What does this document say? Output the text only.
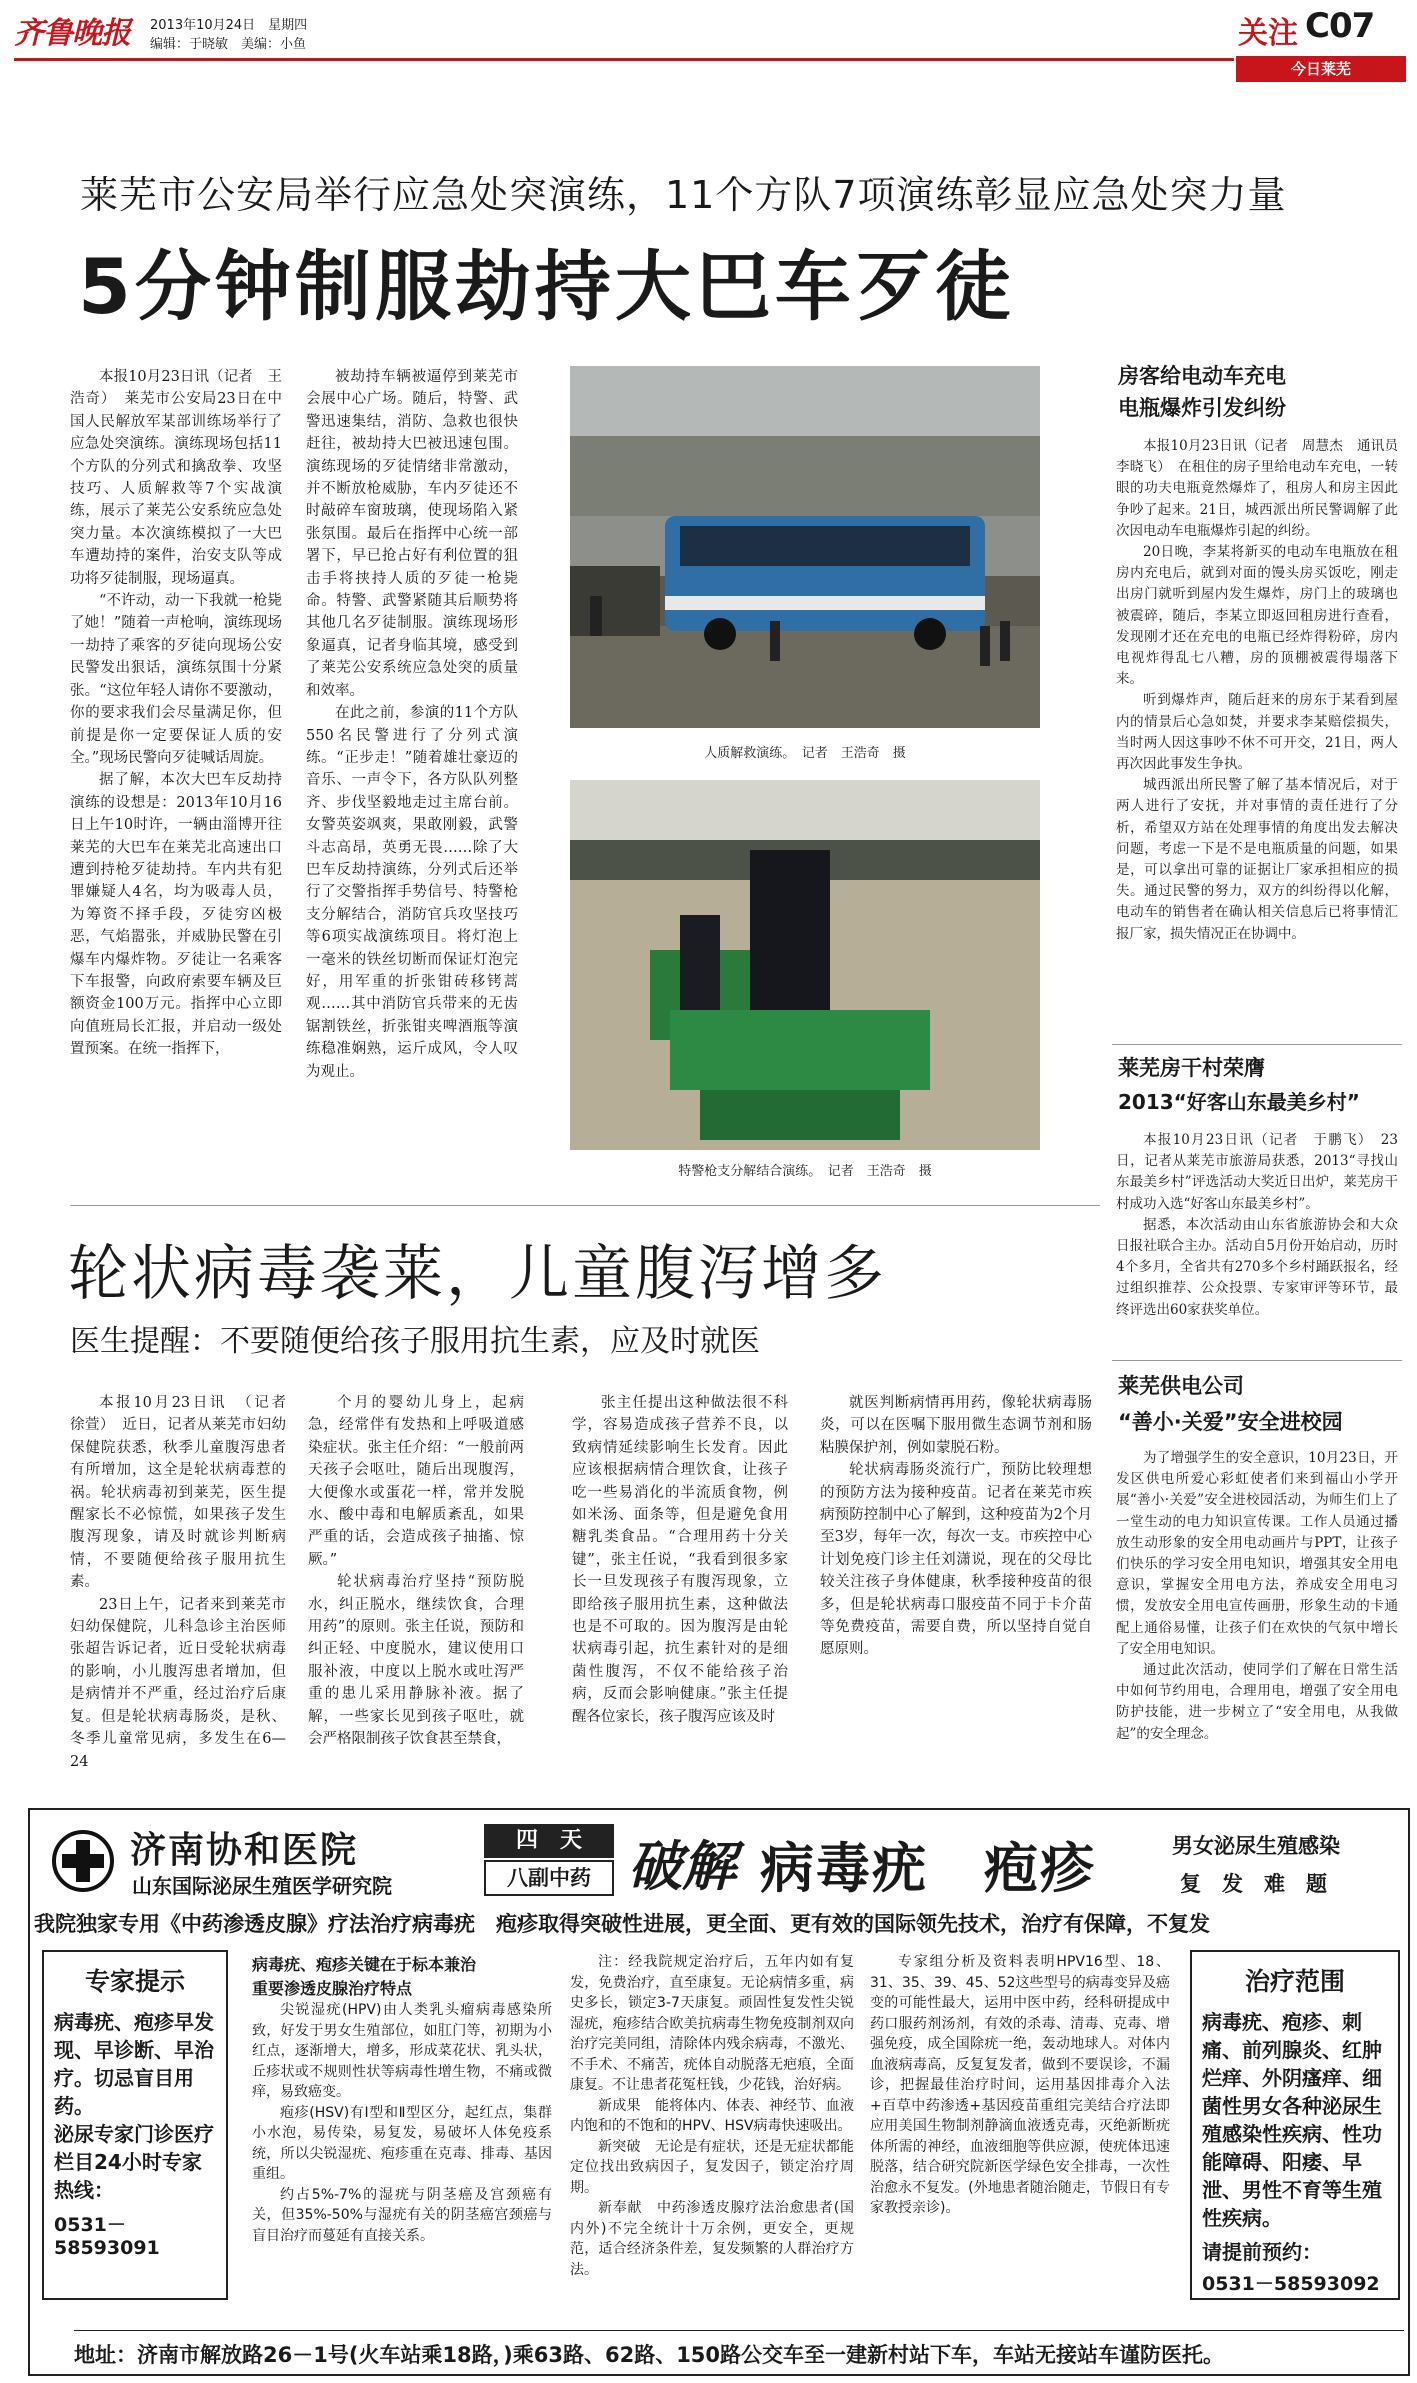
齐鲁晚报	2013年10月24日　星期四
编辑：于晓敏　美编：小鱼	关注 C07
今日莱芜
莱芜市公安局举行应急处突演练，11个方队7项演练彰显应急处突力量
5分钟制服劫持大巴车歹徒

本报10月23日讯（记者　王浩奇）　莱芜市公安局23日在中国人民解放军某部训练场举行了应急处突演练。演练现场包括11个方队的分列式和擒敌拳、攻坚技巧、人质解救等7个实战演练，展示了莱芜公安系统应急处突力量。本次演练模拟了一大巴车遭劫持的案件，治安支队等成功将歹徒制服，现场逼真。

“不许动，动一下我就一枪毙了她！”随着一声枪响，演练现场一劫持了乘客的歹徒向现场公安民警发出狠话，演练氛围十分紧张。“这位年轻人请你不要激动，你的要求我们会尽量满足你，但前提是你一定要保证人质的安全。”现场民警向歹徒喊话周旋。

据了解，本次大巴车反劫持演练的设想是：2013年10月16日上午10时许，一辆由淄博开往莱芜的大巴车在莱芜北高速出口遭到持枪歹徒劫持。车内共有犯罪嫌疑人4名，均为吸毒人员，为筹资不择手段，歹徒穷凶极恶，气焰嚣张，并威胁民警在引爆车内爆炸物。歹徒让一名乘客下车报警，向政府索要车辆及巨额资金100万元。指挥中心立即向值班局长汇报，并启动一级处置预案。在统一指挥下，

被劫持车辆被逼停到莱芜市会展中心广场。随后，特警、武警迅速集结，消防、急救也很快赶往，被劫持大巴被迅速包围。演练现场的歹徒情绪非常激动，并不断放枪威胁，车内歹徒还不时敲碎车窗玻璃，使现场陷入紧张氛围。最后在指挥中心统一部署下，早已抢占好有利位置的狙击手将挟持人质的歹徒一枪毙命。特警、武警紧随其后顺势将其他几名歹徒制服。演练现场形象逼真，记者身临其境，感受到了莱芜公安系统应急处突的质量和效率。

在此之前，参演的11个方队550名民警进行了分列式演练。“正步走！”随着雄壮豪迈的音乐、一声令下，各方队队列整齐、步伐坚毅地走过主席台前。女警英姿飒爽，果敢刚毅，武警斗志高昂，英勇无畏……除了大巴车反劫持演练，分列式后还举行了交警指挥手势信号、特警枪支分解结合，消防官兵攻坚技巧等6项实战演练项目。将灯泡上一毫米的铁丝切断而保证灯泡完好，用军重的折张钳砖移铐蒿观……其中消防官兵带来的无齿锯割铁丝，折张钳夹啤酒瓶等演练稳准娴熟，运斤成风，令人叹为观止。

人质解救演练。　记者　王浩奇　摄
特警枪支分解结合演练。　记者　王浩奇　摄
房客给电动车充电
电瓶爆炸引发纠纷

本报10月23日讯（记者　周慧杰　通讯员　李晓飞）　在租住的房子里给电动车充电，一转眼的功夫电瓶竟然爆炸了，租房人和房主因此争吵了起来。21日，城西派出所民警调解了此次因电动车电瓶爆炸引起的纠纷。

20日晚，李某将新买的电动车电瓶放在租房内充电后，就到对面的馒头房买饭吃，刚走出房门就听到屋内发生爆炸，房门上的玻璃也被震碎，随后，李某立即返回租房进行查看，发现刚才还在充电的电瓶已经炸得粉碎，房内电视炸得乱七八糟，房的顶棚被震得塌落下来。

听到爆炸声，随后赶来的房东于某看到屋内的情景后心急如焚，并要求李某赔偿损失，当时两人因这事吵不休不可开交，21日，两人再次因此事发生争执。

城西派出所民警了解了基本情况后，对于两人进行了安抚，并对事情的责任进行了分析，希望双方站在处理事情的角度出发去解决问题，考虑一下是不是电瓶质量的问题，如果是，可以拿出可靠的证据让厂家承担相应的损失。通过民警的努力，双方的纠纷得以化解，电动车的销售者在确认相关信息后已将事情汇报厂家，损失情况正在协调中。

莱芜房干村荣膺
2013“好客山东最美乡村”

本报10月23日讯（记者　于鹏飞）　23日，记者从莱芜市旅游局获悉，2013“寻找山东最美乡村”评选活动大奖近日出炉，莱芜房干村成功入选“好客山东最美乡村”。

据悉，本次活动由山东省旅游协会和大众日报社联合主办。活动自5月份开始启动，历时4个多月，全省共有270多个乡村踊跃报名，经过组织推荐、公众投票、专家审评等环节，最终评选出60家获奖单位。

轮状病毒袭莱，儿童腹泻增多
医生提醒：不要随便给孩子服用抗生素，应及时就医

本报10月23日讯　（记者　徐萱）　近日，记者从莱芜市妇幼保健院获悉，秋季儿童腹泻患者有所增加，这全是轮状病毒惹的祸。轮状病毒初到莱芜，医生提醒家长不必惊慌，如果孩子发生腹泻现象，请及时就诊判断病情，不要随便给孩子服用抗生素。

23日上午，记者来到莱芜市妇幼保健院，儿科急诊主治医师张超告诉记者，近日受轮状病毒的影响，小儿腹泻患者增加，但是病情并不严重，经过治疗后康复。但是轮状病毒肠炎，是秋、冬季儿童常见病，多发生在6—24

个月的婴幼儿身上，起病急，经常伴有发热和上呼吸道感染症状。张主任介绍：“一般前两天孩子会呕吐，随后出现腹泻，大便像水或蛋花一样，常并发脱水、酸中毒和电解质紊乱，如果严重的话，会造成孩子抽搐、惊厥。”

轮状病毒治疗坚持“预防脱水，纠正脱水，继续饮食，合理用药”的原则。张主任说，预防和纠正轻、中度脱水，建议使用口服补液，中度以上脱水或吐泻严重的患儿采用静脉补液。据了解，一些家长见到孩子呕吐，就会严格限制孩子饮食甚至禁食，

张主任提出这种做法很不科学，容易造成孩子营养不良，以致病情延续影响生长发育。因此应该根据病情合理饮食，让孩子吃一些易消化的半流质食物，例如米汤、面条等，但是避免食用糖乳类食品。“合理用药十分关键”，张主任说，“我看到很多家长一旦发现孩子有腹泻现象，立即给孩子服用抗生素，这种做法也是不可取的。因为腹泻是由轮状病毒引起，抗生素针对的是细菌性腹泻，不仅不能给孩子治病，反而会影响健康。”张主任提醒各位家长，孩子腹泻应该及时

就医判断病情再用药，像轮状病毒肠炎，可以在医嘱下服用微生态调节剂和肠粘膜保护剂，例如蒙脱石粉。

轮状病毒肠炎流行广，预防比较理想的预防方法为接种疫苗。记者在莱芜市疾病预防控制中心了解到，这种疫苗为2个月至3岁，每年一次，每次一支。市疾控中心计划免疫门诊主任刘潇说，现在的父母比较关注孩子身体健康，秋季接种疫苗的很多，但是轮状病毒口服疫苗不同于卡介苗等免费疫苗，需要自费，所以坚持自觉自愿原则。

莱芜供电公司
“善小·关爱”安全进校园

为了增强学生的安全意识，10月23日，开发区供电所爱心彩虹使者们来到福山小学开展“善小·关爱”安全进校园活动，为师生们上了一堂生动的电力知识宣传课。工作人员通过播放生动形象的安全用电动画片与PPT，让孩子们快乐的学习安全用电知识，增强其安全用电意识，掌握安全用电方法，养成安全用电习惯，发放安全用电宣传画册，形象生动的卡通配上通俗易懂，让孩子们在欢快的气氛中增长了安全用电知识。

通过此次活动，使同学们了解在日常生活中如何节约用电，合理用电，增强了安全用电防护技能，进一步树立了“安全用电，从我做起”的安全理念。

济南协和医院
山东国际泌尿生殖医学研究院
四　天
八副中药 破解 病毒疣　疱疹	男女泌尿生殖感染
复　发　难　题
我院独家专用《中药渗透皮腺》疗法治疗病毒疣　疱疹取得突破性进展，更全面、更有效的国际领先技术，治疗有保障，不复发
专家提示
病毒疣、疱疹早发现、早诊断、早治疗。切忌盲目用药。
泌尿专家门诊医疗栏目24小时专家热线：
0531－58593091
病毒疣、疱疹关键在于标本兼治
重要渗透皮腺治疗特点

尖锐湿疣(HPV)由人类乳头瘤病毒感染所致，好发于男女生殖部位，如肛门等，初期为小红点，逐渐增大，增多，形成菜花状、乳头状，丘疹状或不规则性状等病毒性增生物，不痛或微痒，易致癌变。

疱疹(HSV)有Ⅰ型和Ⅱ型区分，起红点，集群小水泡，易传染，易复发，易破坏人体免疫系统，所以尖锐湿疣、疱疹重在克毒、排毒、基因重组。

约占5%-7%的湿疣与阴茎癌及宫颈癌有关，但35%-50%与湿疣有关的阴茎癌宫颈癌与盲目治疗而蔓延有直接关系。

注：经我院规定治疗后，五年内如有复发，免费治疗，直至康复。无论病情多重，病史多长，锁定3-7天康复。顽固性复发性尖锐湿疣，疱疹结合欧美抗病毒生物免疫制剂双向治疗完美同组，清除体内残余病毒，不激光、不手术、不痛苦，疣体自动脱落无疤痕，全面康复。不让患者花冤枉钱，少花钱，治好病。

新成果　能将体内、体表、神经节、血液内饱和的不饱和的HPV、HSV病毒快速吸出。

新突破　无论是有症状，还是无症状都能定位找出致病因子，复发因子，锁定治疗周期。

新奉献　中药渗透皮腺疗法治愈患者(国内外)不完全统计十万余例，更安全，更规范，适合经济条件差，复发频繁的人群治疗方法。

专家组分析及资料表明HPV16型、18、31、35、39、45、52这些型号的病毒变异及癌变的可能性最大，运用中医中药，经科研提成中药口服药剂汤剂，有效的杀毒、清毒、克毒、增强免疫，成全国除疣一绝，轰动地球人。对体内血液病毒高，反复复发者，做到不要误诊，不漏诊，把握最佳治疗时间，运用基因排毒介入法+百草中药渗透+基因疫苗重组完美结合疗法即应用美国生物制剂静滴血液透克毒，灭绝新断疣体所需的神经，血液细胞等供应源，使疣体迅速脱落，结合研究院新医学绿色安全排毒，一次性治愈永不复发。(外地患者随治随走，节假日有专家教授亲诊)。

治疗范围
病毒疣、疱疹、刺痛、前列腺炎、红肿烂痒、外阴瘙痒、细菌性男女各种泌尿生殖感染性疾病、性功能障碍、阳痿、早泄、男性不育等生殖性疾病。
请提前预约：
0531－58593092
地址：济南市解放路26－1号(火车站乘18路，)乘63路、62路、150路公交车至一建新村站下车，车站无接站车谨防医托。
